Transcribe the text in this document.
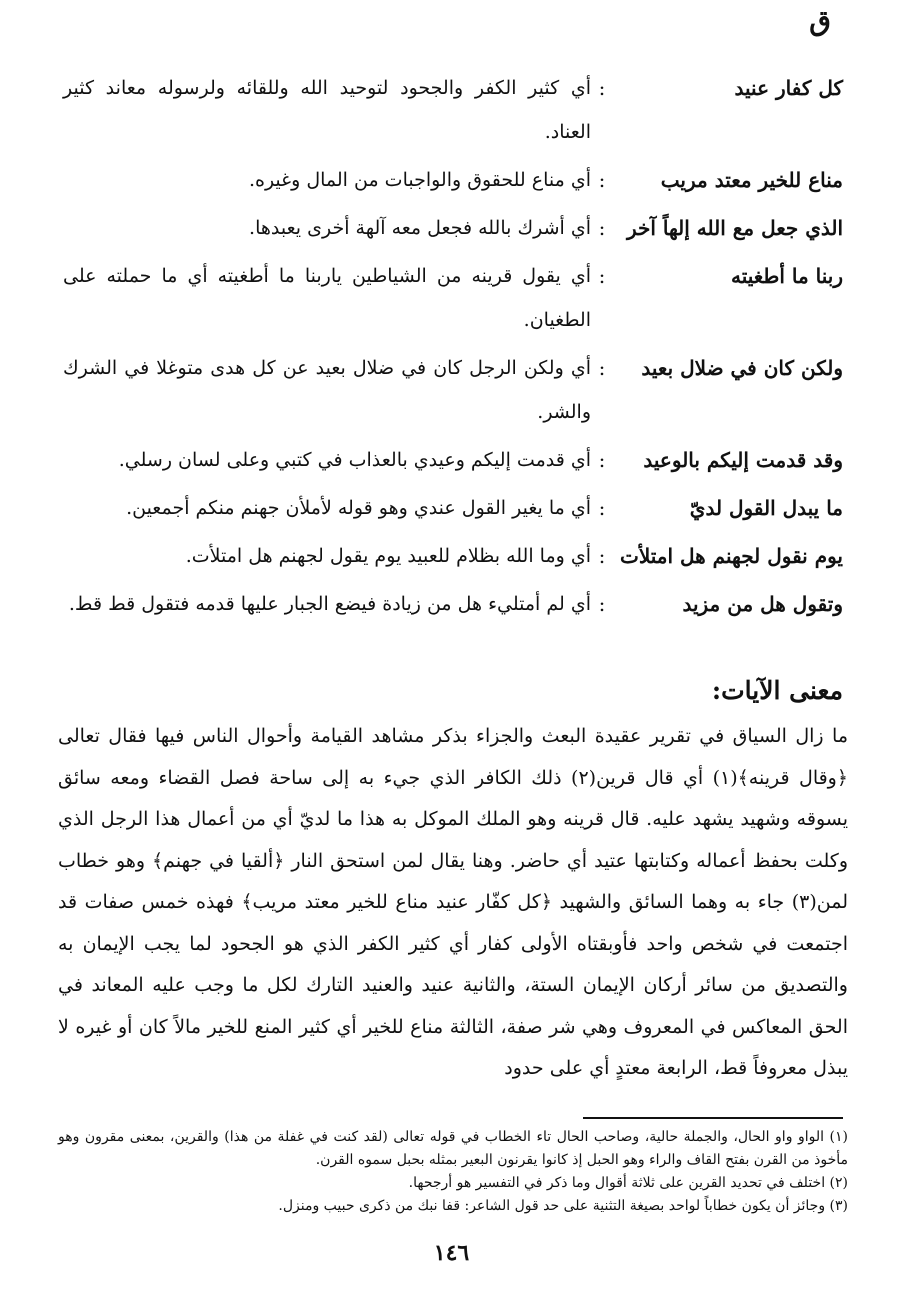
ق
كل كفار عنيد
:
أي كثير الكفر والجحود لتوحيد الله وللقائه ولرسوله معاند كثير العناد.
مناع للخير معتد مريب
:
أي مناع للحقوق والواجبات من المال وغيره.
الذي جعل مع الله إلهاً آخر
:
أي أشرك بالله فجعل معه آلهة أخرى يعبدها.
ربنا ما أطغيته
:
أي يقول قرينه من الشياطين ياربنا ما أطغيته أي ما حملته على الطغيان.
ولكن كان في ضلال بعيد
:
أي ولكن الرجل كان في ضلال بعيد عن كل هدى متوغلا في الشرك والشر.
وقد قدمت إليكم بالوعيد
:
أي قدمت إليكم وعيدي بالعذاب في كتبي وعلى لسان رسلي.
ما يبدل القول لديّ
:
أي ما يغير القول عندي وهو قوله لأملأن جهنم منكم أجمعين.
يوم نقول لجهنم هل امتلأت
:
أي وما الله بظلام للعبيد يوم يقول لجهنم هل امتلأت.
وتقول هل من مزيد
:
أي لم أمتليء هل من زيادة فيضع الجبار عليها قدمه فتقول قط قط.
معنى الآيات:
ما زال السياق في تقرير عقيدة البعث والجزاء بذكر مشاهد القيامة وأحوال الناس فيها فقال تعالى ﴿وقال قرينه﴾(١) أي قال قرين(٢) ذلك الكافر الذي جيء به إلى ساحة فصل القضاء ومعه سائق يسوقه وشهيد يشهد عليه. قال قرينه وهو الملك الموكل به هذا ما لديّ أي من أعمال هذا الرجل الذي وكلت بحفظ أعماله وكتابتها عتيد أي حاضر. وهنا يقال لمن استحق النار ﴿ألقيا في جهنم﴾ وهو خطاب لمن(٣) جاء به وهما السائق والشهيد ﴿كل كفّار عنيد مناع للخير معتد مريب﴾ فهذه خمس صفات قد اجتمعت في شخص واحد فأوبقتاه الأولى كفار أي كثير الكفر الذي هو الجحود لما يجب الإيمان به والتصديق من سائر أركان الإيمان الستة، والثانية عنيد والعنيد التارك لكل ما وجب عليه المعاند في الحق المعاكس في المعروف وهي شر صفة، الثالثة مناع للخير أي كثير المنع للخير مالاً كان أو غيره لا يبذل معروفاً قط، الرابعة معتدٍ أي على حدود

(١) الواو واو الحال، والجملة حالية، وصاحب الحال تاء الخطاب في قوله تعالى (لقد كنت في غفلة من هذا) والقرين، بمعنى مقرون وهو مأخوذ من القرن بفتح القاف والراء وهو الحبل إذ كانوا يقرنون البعير بمثله بحبل سموه القرن.

(٢) اختلف في تحديد القرين على ثلاثة أقوال وما ذكر في التفسير هو أرجحها.

(٣) وجائز أن يكون خطاباً لواحد بصيغة التثنية على حد قول الشاعر: قفا نبك من ذكرى حبيب ومنزل.

١٤٦
